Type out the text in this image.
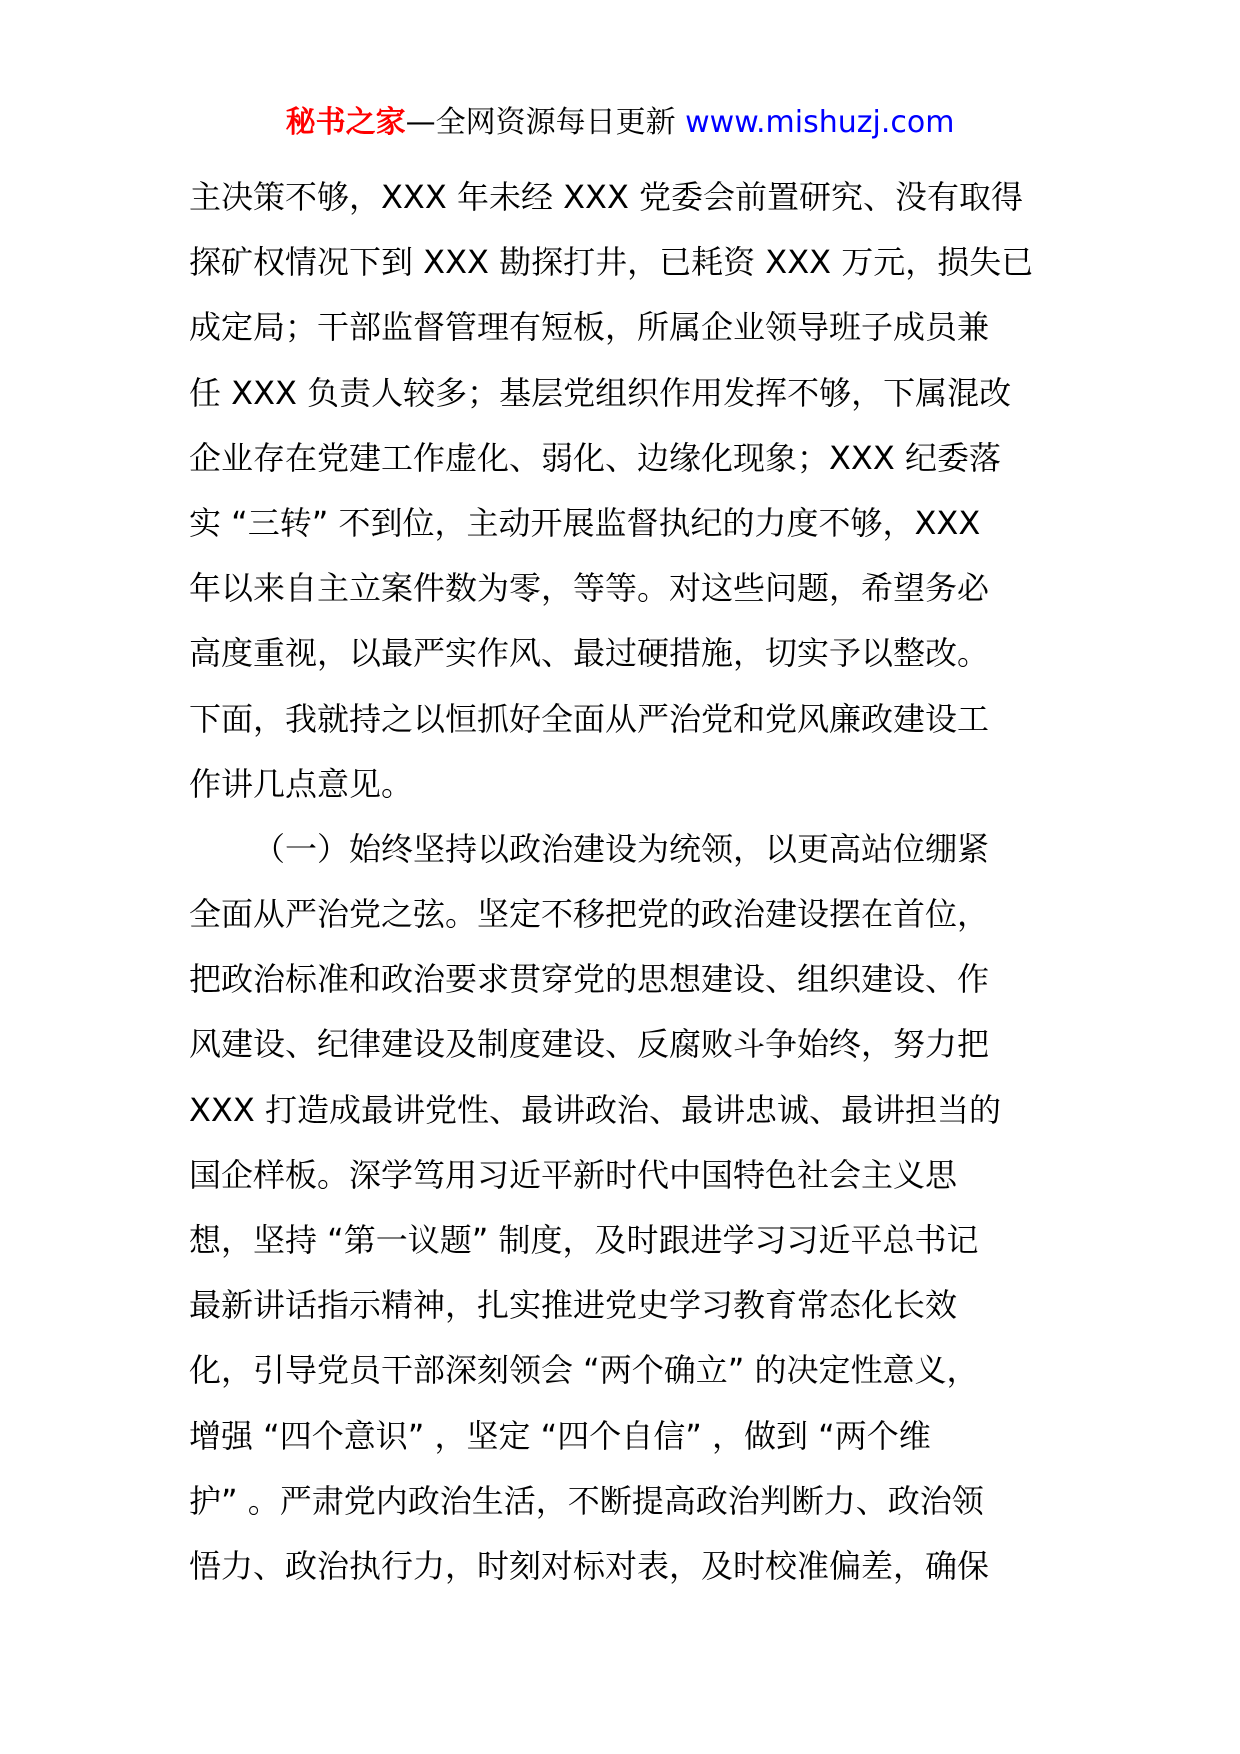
秘书之家—全网资源每日更新 www.mishuzj.com
主决策不够，XXX 年未经 XXX 党委会前置研究、没有取得
探矿权情况下到 XXX 勘探打井，已耗资 XXX 万元，损失已
成定局；干部监督管理有短板，所属企业领导班子成员兼
任 XXX 负责人较多；基层党组织作用发挥不够，下属混改
企业存在党建工作虚化、弱化、边缘化现象；XXX 纪委落
实 “三转” 不到位，主动开展监督执纪的力度不够，XXX
年以来自主立案件数为零，等等。对这些问题，希望务必
高度重视，以最严实作风、最过硬措施，切实予以整改。
下面，我就持之以恒抓好全面从严治党和党风廉政建设工
作讲几点意见。
（一）始终坚持以政治建设为统领，以更高站位绷紧
全面从严治党之弦。坚定不移把党的政治建设摆在首位，
把政治标准和政治要求贯穿党的思想建设、组织建设、作
风建设、纪律建设及制度建设、反腐败斗争始终，努力把
XXX 打造成最讲党性、最讲政治、最讲忠诚、最讲担当的
国企样板。深学笃用习近平新时代中国特色社会主义思
想，坚持 “第一议题” 制度，及时跟进学习习近平总书记
最新讲话指示精神，扎实推进党史学习教育常态化长效
化，引导党员干部深刻领会 “两个确立” 的决定性意义，
增强 “四个意识” ，坚定 “四个自信” ，做到 “两个维
护” 。严肃党内政治生活，不断提高政治判断力、政治领
悟力、政治执行力，时刻对标对表，及时校准偏差，确保
